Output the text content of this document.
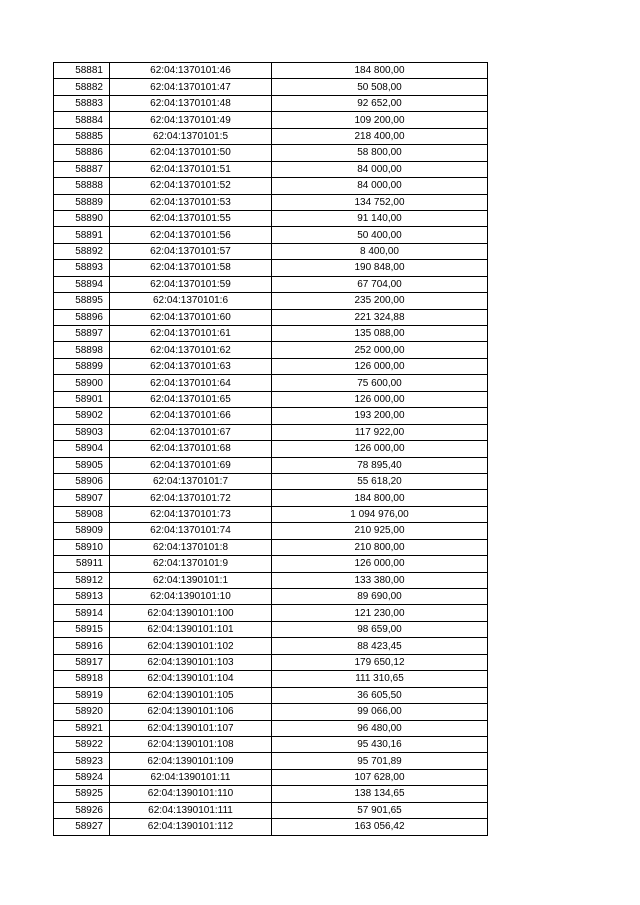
58881	62:04:1370101:46	184 800,00
58882	62:04:1370101:47	50 508,00
58883	62:04:1370101:48	92 652,00
58884	62:04:1370101:49	109 200,00
58885	62:04:1370101:5	218 400,00
58886	62:04:1370101:50	58 800,00
58887	62:04:1370101:51	84 000,00
58888	62:04:1370101:52	84 000,00
58889	62:04:1370101:53	134 752,00
58890	62:04:1370101:55	91 140,00
58891	62:04:1370101:56	50 400,00
58892	62:04:1370101:57	8 400,00
58893	62:04:1370101:58	190 848,00
58894	62:04:1370101:59	67 704,00
58895	62:04:1370101:6	235 200,00
58896	62:04:1370101:60	221 324,88
58897	62:04:1370101:61	135 088,00
58898	62:04:1370101:62	252 000,00
58899	62:04:1370101:63	126 000,00
58900	62:04:1370101:64	75 600,00
58901	62:04:1370101:65	126 000,00
58902	62:04:1370101:66	193 200,00
58903	62:04:1370101:67	117 922,00
58904	62:04:1370101:68	126 000,00
58905	62:04:1370101:69	78 895,40
58906	62:04:1370101:7	55 618,20
58907	62:04:1370101:72	184 800,00
58908	62:04:1370101:73	1 094 976,00
58909	62:04:1370101:74	210 925,00
58910	62:04:1370101:8	210 800,00
58911	62:04:1370101:9	126 000,00
58912	62:04:1390101:1	133 380,00
58913	62:04:1390101:10	89 690,00
58914	62:04:1390101:100	121 230,00
58915	62:04:1390101:101	98 659,00
58916	62:04:1390101:102	88 423,45
58917	62:04:1390101:103	179 650,12
58918	62:04:1390101:104	111 310,65
58919	62:04:1390101:105	36 605,50
58920	62:04:1390101:106	99 066,00
58921	62:04:1390101:107	96 480,00
58922	62:04:1390101:108	95 430,16
58923	62:04:1390101:109	95 701,89
58924	62:04:1390101:11	107 628,00
58925	62:04:1390101:110	138 134,65
58926	62:04:1390101:111	57 901,65
58927	62:04:1390101:112	163 056,42
